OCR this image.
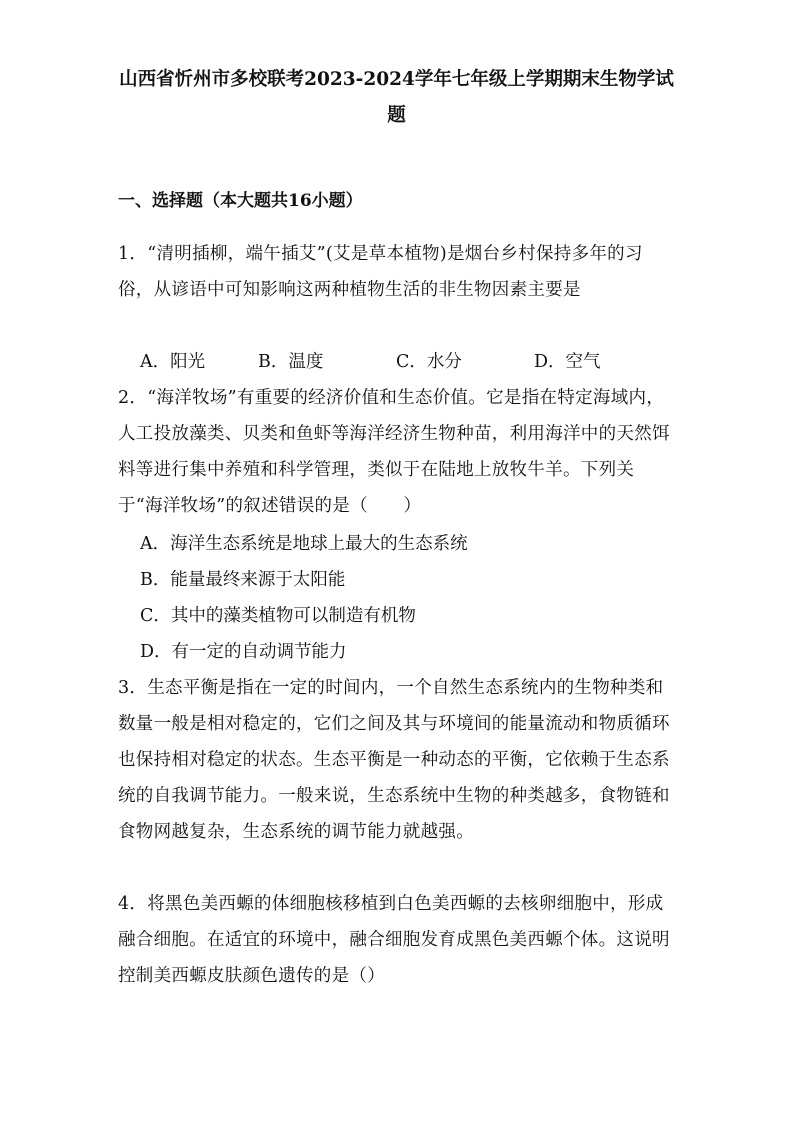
山西省忻州市多校联考2023-2024学年七年级上学期期末生物学试题
一、选择题（本大题共16小题）
1．“清明插柳，端午插艾”(艾是草本植物)是烟台乡村保持多年的习俗，从谚语中可知影响这两种植物生活的非生物因素主要是
A．阳光	B．温度	C．水分	D．空气
2．“海洋牧场”有重要的经济价值和生态价值。它是指在特定海域内，人工投放藻类、贝类和鱼虾等海洋经济生物种苗，利用海洋中的天然饵料等进行集中养殖和科学管理，类似于在陆地上放牧牛羊。下列关于“海洋牧场”的叙述错误的是（　　）
A．海洋生态系统是地球上最大的生态系统
B．能量最终来源于太阳能
C．其中的藻类植物可以制造有机物
D．有一定的自动调节能力
3．生态平衡是指在一定的时间内，一个自然生态系统内的生物种类和数量一般是相对稳定的，它们之间及其与环境间的能量流动和物质循环也保持相对稳定的状态。生态平衡是一种动态的平衡，它依赖于生态系统的自我调节能力。一般来说，生态系统中生物的种类越多，食物链和食物网越复杂，生态系统的调节能力就越强。
4．将黑色美西螈的体细胞核移植到白色美西螈的去核卵细胞中，形成融合细胞。在适宜的环境中，融合细胞发育成黑色美西螈个体。这说明控制美西螈皮肤颜色遗传的是（）
